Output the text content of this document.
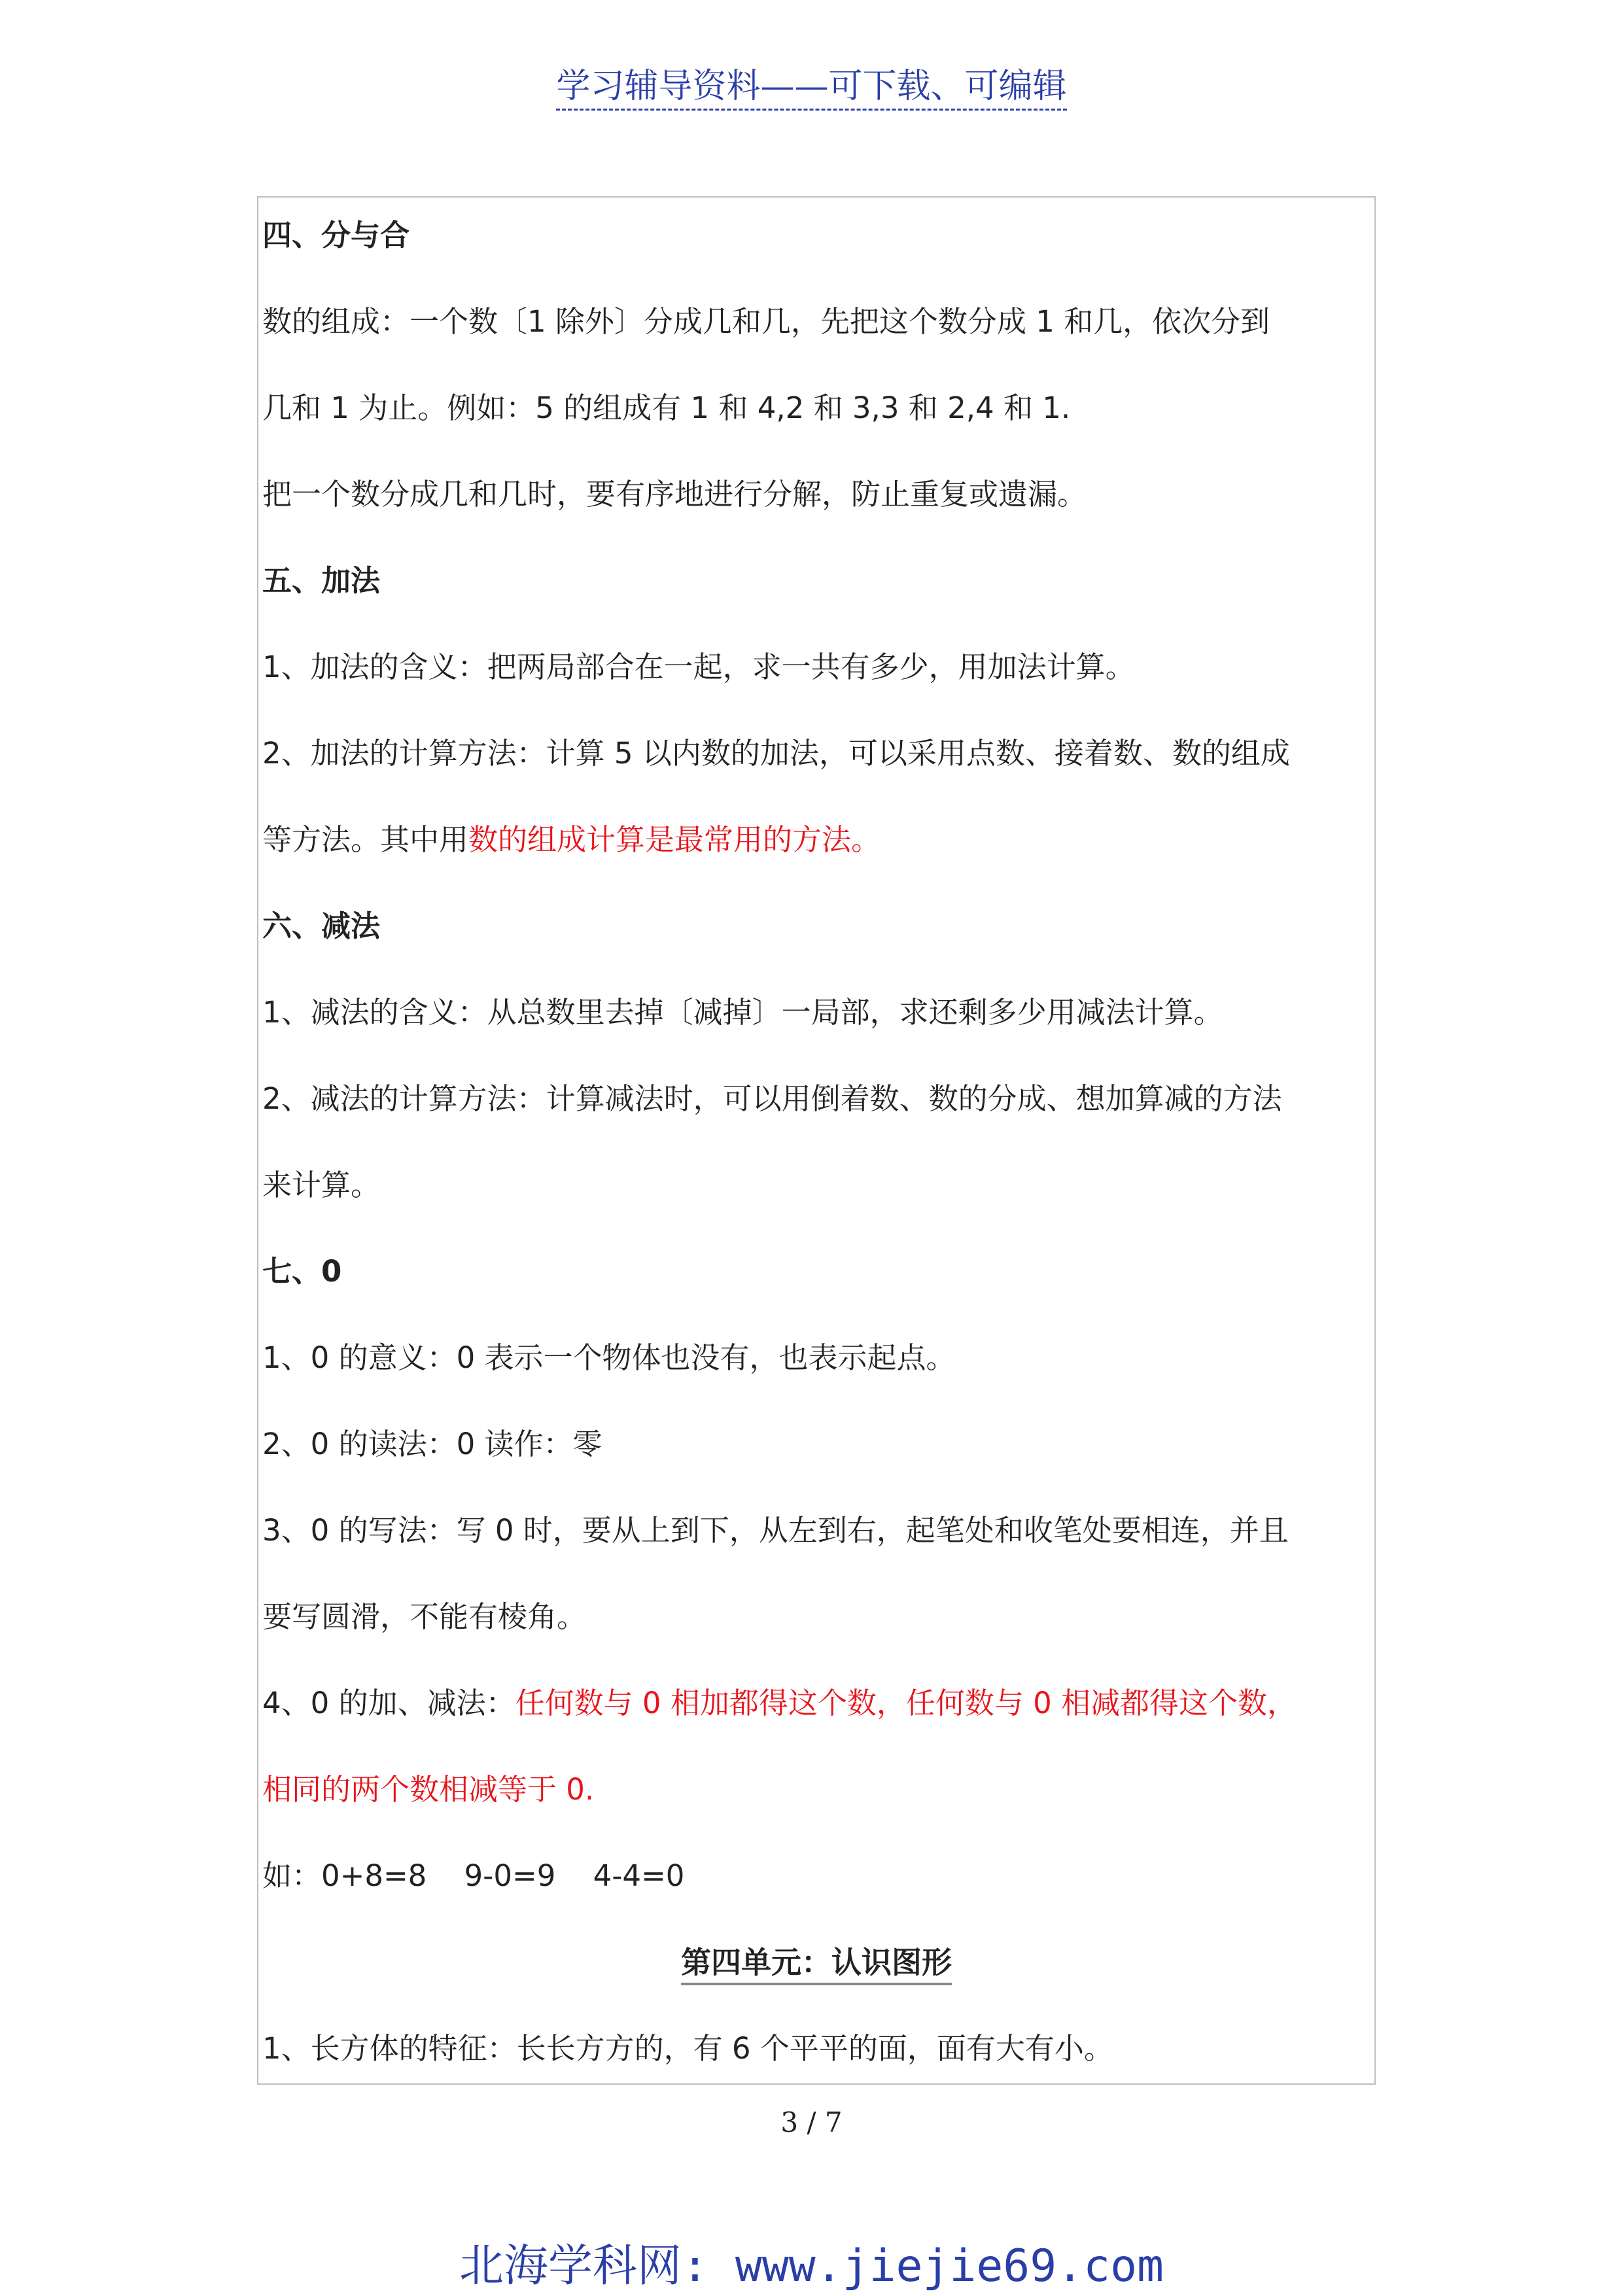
学习辅导资料——可下载、可编辑
四、分与合
数的组成：一个数〔1 除外〕分成几和几，先把这个数分成 1 和几，依次分到
几和 1 为止。例如：5 的组成有 1 和 4,2 和 3,3 和 2,4 和 1.
把一个数分成几和几时，要有序地进行分解，防止重复或遗漏。
五、加法
1、加法的含义：把两局部合在一起，求一共有多少，用加法计算。
2、加法的计算方法：计算 5 以内数的加法，可以采用点数、接着数、数的组成
等方法。其中用数的组成计算是最常用的方法。
六、减法
1、减法的含义：从总数里去掉〔减掉〕一局部，求还剩多少用减法计算。
2、减法的计算方法：计算减法时，可以用倒着数、数的分成、想加算减的方法
来计算。
七、0
1、0 的意义：0 表示一个物体也没有，也表示起点。
2、0 的读法：0 读作：零
3、0 的写法：写 0 时，要从上到下，从左到右，起笔处和收笔处要相连，并且
要写圆滑，不能有棱角。
4、0 的加、减法：任何数与 0 相加都得这个数，任何数与 0 相减都得这个数，
相同的两个数相减等于 0.
如：0+8=8    9-0=9    4-4=0
第四单元：认识图形
1、长方体的特征：长长方方的，有 6 个平平的面，面有大有小。
3 / 7
北海学科网: www.jiejie69.com
